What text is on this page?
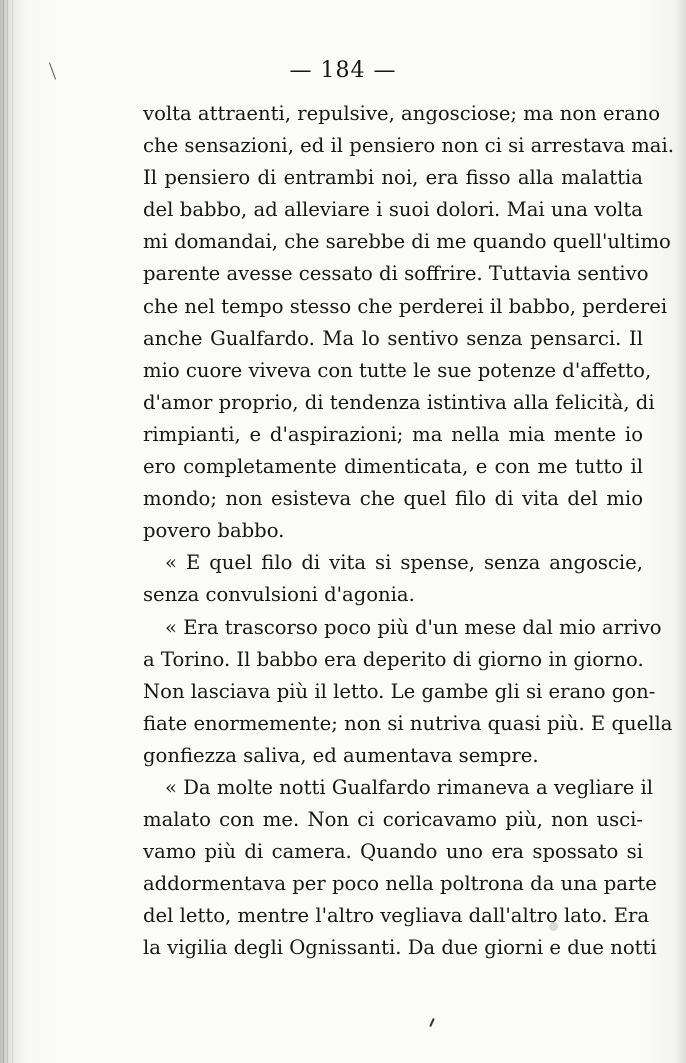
— 184 —
volta attraenti, repulsive, angosciose; ma non erano
che sensazioni, ed il pensiero non ci si arrestava mai.
Il pensiero di entrambi noi, era fisso alla malattia
del babbo, ad alleviare i suoi dolori. Mai una volta
mi domandai, che sarebbe di me quando quell'ultimo
parente avesse cessato di soffrire. Tuttavia sentivo
che nel tempo stesso che perderei il babbo, perderei
anche Gualfardo. Ma lo sentivo senza pensarci. Il
mio cuore viveva con tutte le sue potenze d'affetto,
d'amor proprio, di tendenza istintiva alla felicità, di
rimpianti, e d'aspirazioni; ma nella mia mente io
ero completamente dimenticata, e con me tutto il
mondo; non esisteva che quel filo di vita del mio
povero babbo.
« E quel filo di vita si spense, senza angoscie,
senza convulsioni d'agonia.
« Era trascorso poco più d'un mese dal mio arrivo
a Torino. Il babbo era deperito di giorno in giorno.
Non lasciava più il letto. Le gambe gli si erano gon-
fiate enormemente; non si nutriva quasi più. E quella
gonfiezza saliva, ed aumentava sempre.
« Da molte notti Gualfardo rimaneva a vegliare il
malato con me. Non ci coricavamo più, non usci-
vamo più di camera. Quando uno era spossato si
addormentava per poco nella poltrona da una parte
del letto, mentre l'altro vegliava dall'altro lato. Era
la vigilia degli Ognissanti. Da due giorni e due notti
